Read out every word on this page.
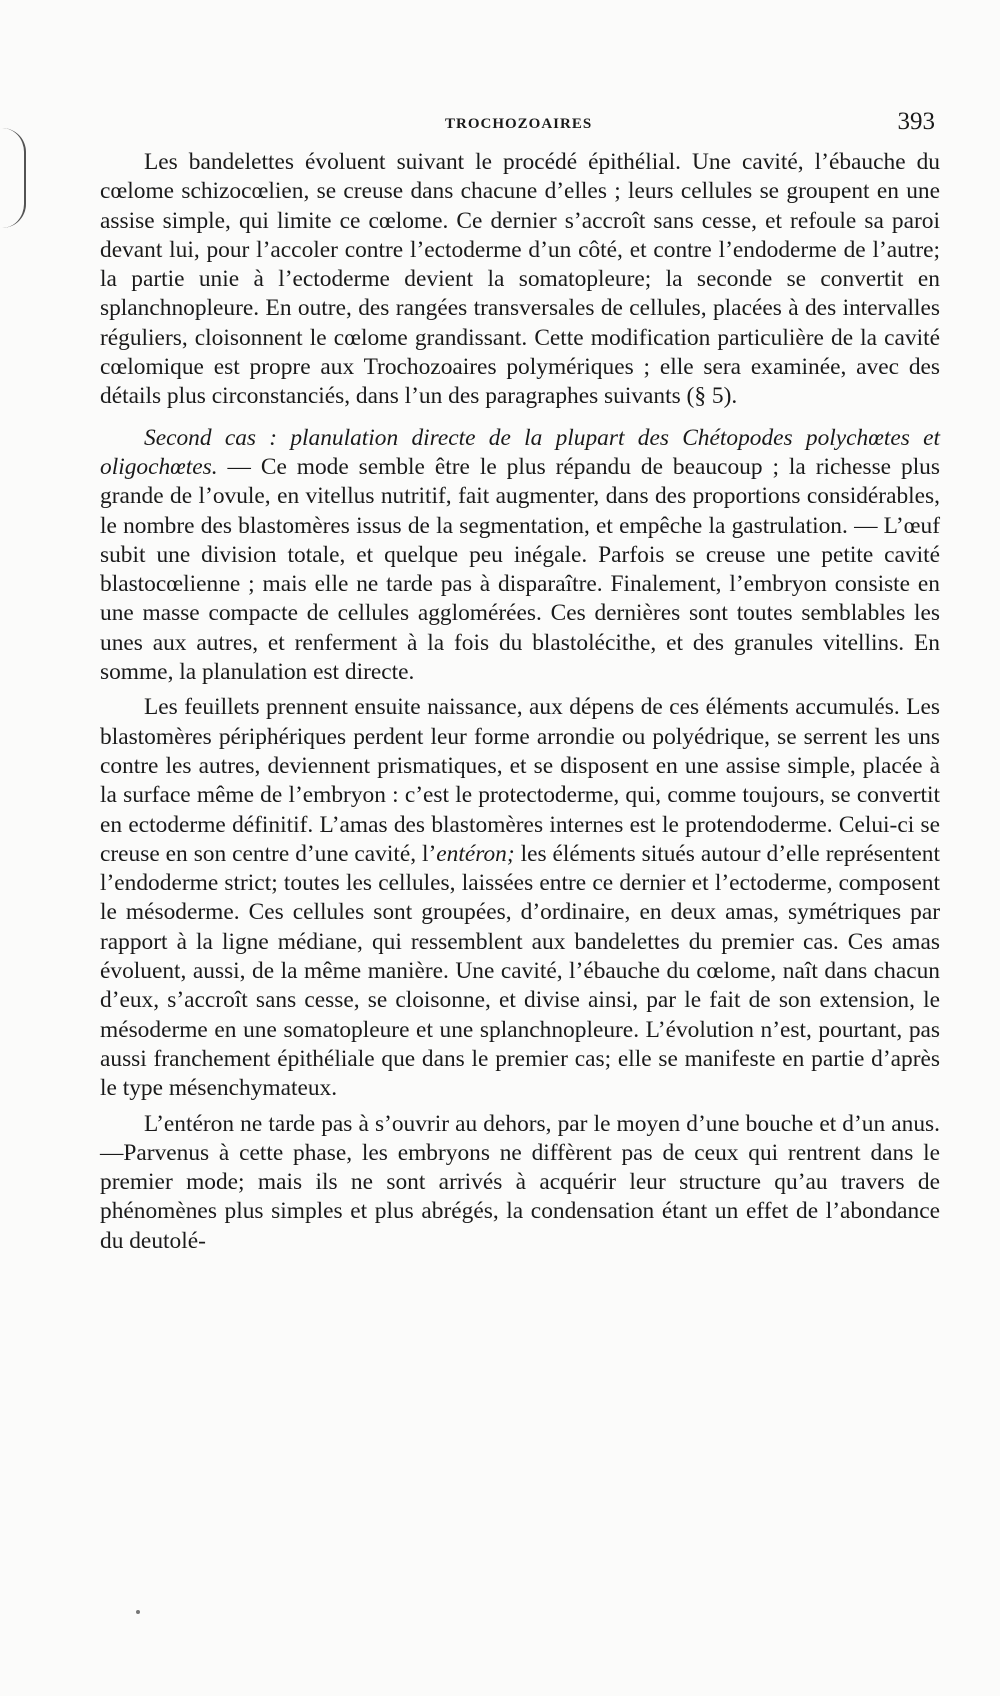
TROCHOZOAIRES	393

Les bandelettes évoluent suivant le procédé épithélial. Une cavité, l’ébauche du cœlome schizocœlien, se creuse dans chacune d’elles ; leurs cellules se groupent en une assise simple, qui limite ce cœlome. Ce dernier s’accroît sans cesse, et refoule sa paroi devant lui, pour l’accoler contre l’ectoderme d’un côté, et contre l’endoderme de l’autre; la partie unie à l’ectoderme devient la somatopleure; la seconde se convertit en splanchnopleure. En outre, des rangées transversales de cellules, placées à des intervalles réguliers, cloisonnent le cœlome grandissant. Cette modification particulière de la cavité cœlomique est propre aux Trochozoaires polymériques ; elle sera examinée, avec des détails plus circonstanciés, dans l’un des paragraphes suivants (§ 5).

Second cas : planulation directe de la plupart des Chétopodes polychœtes et oligochœtes. — Ce mode semble être le plus répandu de beaucoup ; la richesse plus grande de l’ovule, en vitellus nutritif, fait augmenter, dans des proportions considérables, le nombre des blastomères issus de la segmentation, et empêche la gastrulation. — L’œuf subit une division totale, et quelque peu inégale. Parfois se creuse une petite cavité blastocœlienne ; mais elle ne tarde pas à disparaître. Finalement, l’embryon consiste en une masse compacte de cellules agglomérées. Ces dernières sont toutes semblables les unes aux autres, et renferment à la fois du blastolécithe, et des granules vitellins. En somme, la planulation est directe.

Les feuillets prennent ensuite naissance, aux dépens de ces éléments accumulés. Les blastomères périphériques perdent leur forme arrondie ou polyédrique, se serrent les uns contre les autres, deviennent prismatiques, et se disposent en une assise simple, placée à la surface même de l’embryon : c’est le protectoderme, qui, comme toujours, se convertit en ectoderme définitif. L’amas des blastomères internes est le protendoderme. Celui-ci se creuse en son centre d’une cavité, l’entéron; les éléments situés autour d’elle représentent l’endoderme strict; toutes les cellules, laissées entre ce dernier et l’ectoderme, composent le mésoderme. Ces cellules sont groupées, d’ordinaire, en deux amas, symétriques par rapport à la ligne médiane, qui ressemblent aux bandelettes du premier cas. Ces amas évoluent, aussi, de la même manière. Une cavité, l’ébauche du cœlome, naît dans chacun d’eux, s’accroît sans cesse, se cloisonne, et divise ainsi, par le fait de son extension, le mésoderme en une somatopleure et une splanchnopleure. L’évolution n’est, pourtant, pas aussi franchement épithéliale que dans le premier cas; elle se manifeste en partie d’après le type mésenchymateux.

L’entéron ne tarde pas à s’ouvrir au dehors, par le moyen d’une bouche et d’un anus.—Parvenus à cette phase, les embryons ne diffèrent pas de ceux qui rentrent dans le premier mode; mais ils ne sont arrivés à acquérir leur structure qu’au travers de phénomènes plus simples et plus abrégés, la condensation étant un effet de l’abondance du deutolé-
